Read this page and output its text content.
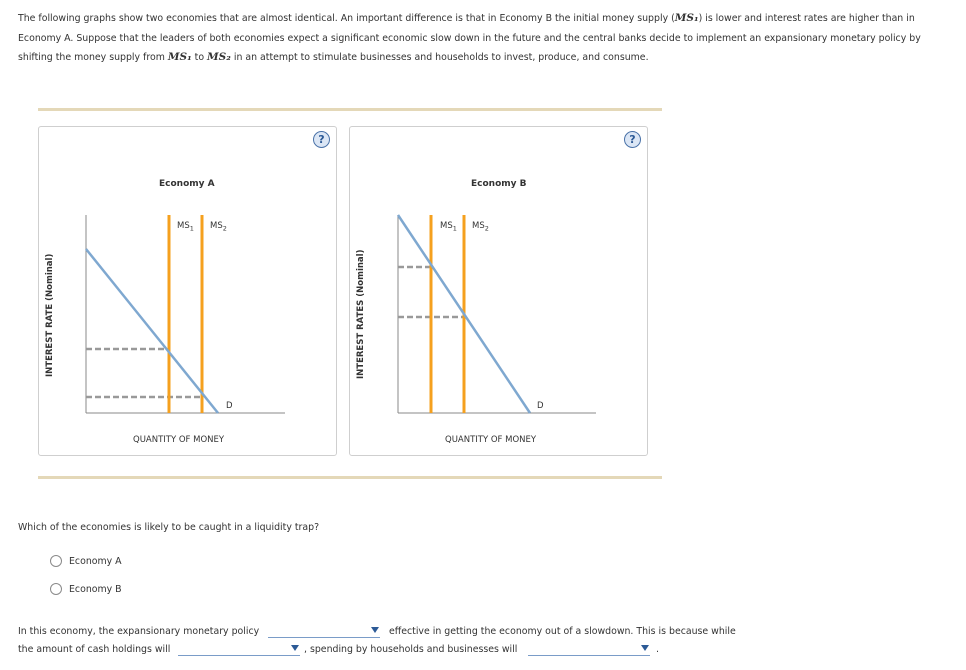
The following graphs show two economies that are almost identical. An important difference is that in Economy B the initial money supply (MS₁) is lower and interest rates are higher than in Economy A. Suppose that the leaders of both economies expect a significant economic slow down in the future and the central banks decide to implement an expansionary monetary policy by shifting the money supply from MS₁ to MS₂ in an attempt to stimulate businesses and households to invest, produce, and consume.
?
Economy A
INTEREST RATE (Nominal)
QUANTITY OF MONEY
$MS_1$ $MS_2$
D
?
Economy B
INTEREST RATES (Nominal)
QUANTITY OF MONEY
$MS_1$ $MS_2$
D
Which of the economies is likely to be caught in a liquidity trap?
Economy A
Economy B
In this economy, the expansionary monetary policy	effective in getting the economy out of a slowdown. This is because while
the amount of cash holdings will	, spending by households and businesses will	.
